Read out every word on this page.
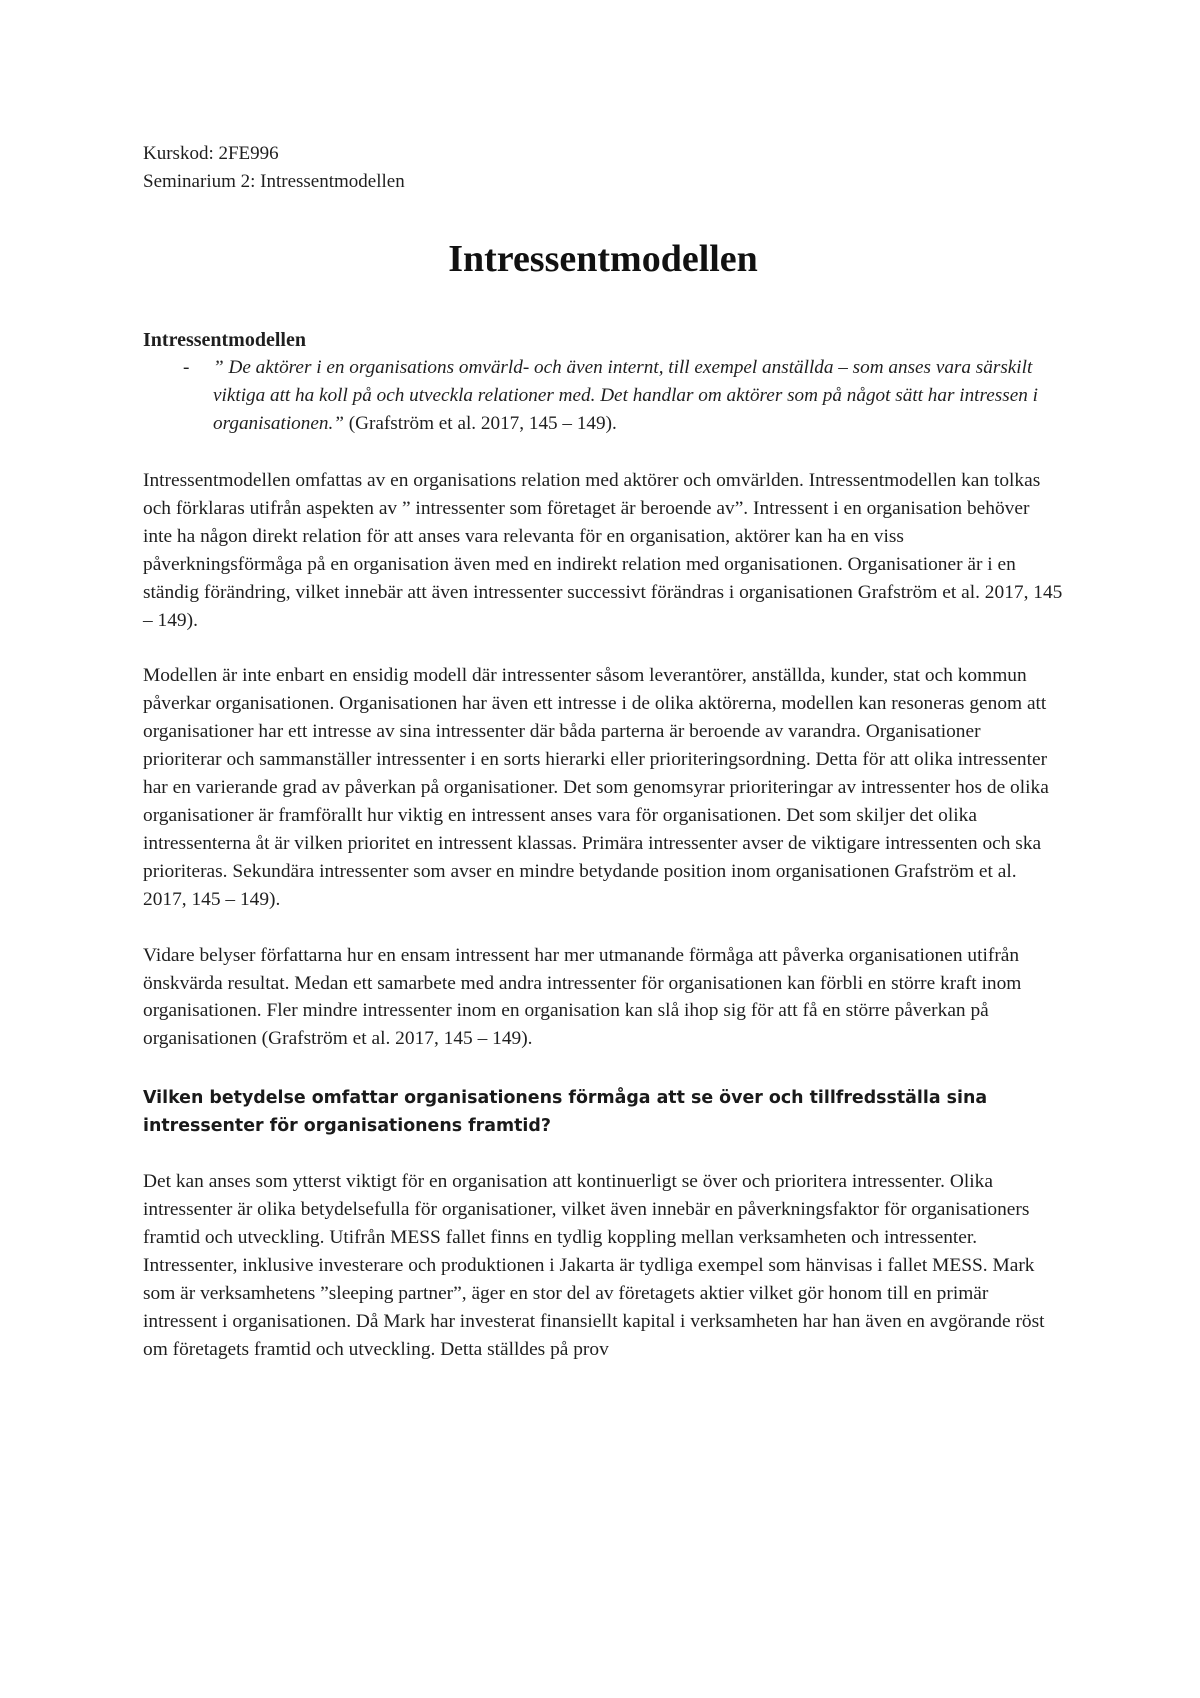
Kurskod: 2FE996

Seminarium 2: Intressentmodellen

Intressentmodellen
Intressentmodellen
- ” De aktörer i en organisations omvärld- och även internt, till exempel anställda – som anses vara särskilt viktiga att ha koll på och utveckla relationer med. Det handlar om aktörer som på något sätt har intressen i organisationen.” (Grafström et al. 2017, 145 – 149).

Intressentmodellen omfattas av en organisations relation med aktörer och omvärlden. Intressentmodellen kan tolkas och förklaras utifrån aspekten av ” intressenter som företaget är beroende av”. Intressent i en organisation behöver inte ha någon direkt relation för att anses vara relevanta för en organisation, aktörer kan ha en viss påverkningsförmåga på en organisation även med en indirekt relation med organisationen. Organisationer är i en ständig förändring, vilket innebär att även intressenter successivt förändras i organisationen Grafström et al. 2017, 145 – 149).

Modellen är inte enbart en ensidig modell där intressenter såsom leverantörer, anställda, kunder, stat och kommun påverkar organisationen. Organisationen har även ett intresse i de olika aktörerna, modellen kan resoneras genom att organisationer har ett intresse av sina intressenter där båda parterna är beroende av varandra. Organisationer prioriterar och sammanställer intressenter i en sorts hierarki eller prioriteringsordning. Detta för att olika intressenter har en varierande grad av påverkan på organisationer. Det som genomsyrar prioriteringar av intressenter hos de olika organisationer är framförallt hur viktig en intressent anses vara för organisationen. Det som skiljer det olika intressenterna åt är vilken prioritet en intressent klassas. Primära intressenter avser de viktigare intressenten och ska prioriteras. Sekundära intressenter som avser en mindre betydande position inom organisationen Grafström et al. 2017, 145 – 149).

Vidare belyser författarna hur en ensam intressent har mer utmanande förmåga att påverka organisationen utifrån önskvärda resultat. Medan ett samarbete med andra intressenter för organisationen kan förbli en större kraft inom organisationen. Fler mindre intressenter inom en organisation kan slå ihop sig för att få en större påverkan på organisationen (Grafström et al. 2017, 145 – 149).

Vilken betydelse omfattar organisationens förmåga att se över och tillfredsställa sina intressenter för organisationens framtid?

Det kan anses som ytterst viktigt för en organisation att kontinuerligt se över och prioritera intressenter. Olika intressenter är olika betydelsefulla för organisationer, vilket även innebär en påverkningsfaktor för organisationers framtid och utveckling. Utifrån MESS fallet finns en tydlig koppling mellan verksamheten och intressenter. Intressenter, inklusive investerare och produktionen i Jakarta är tydliga exempel som hänvisas i fallet MESS. Mark som är verksamhetens ”sleeping partner”, äger en stor del av företagets aktier vilket gör honom till en primär intressent i organisationen. Då Mark har investerat finansiellt kapital i verksamheten har han även en avgörande röst om företagets framtid och utveckling. Detta ställdes på prov
